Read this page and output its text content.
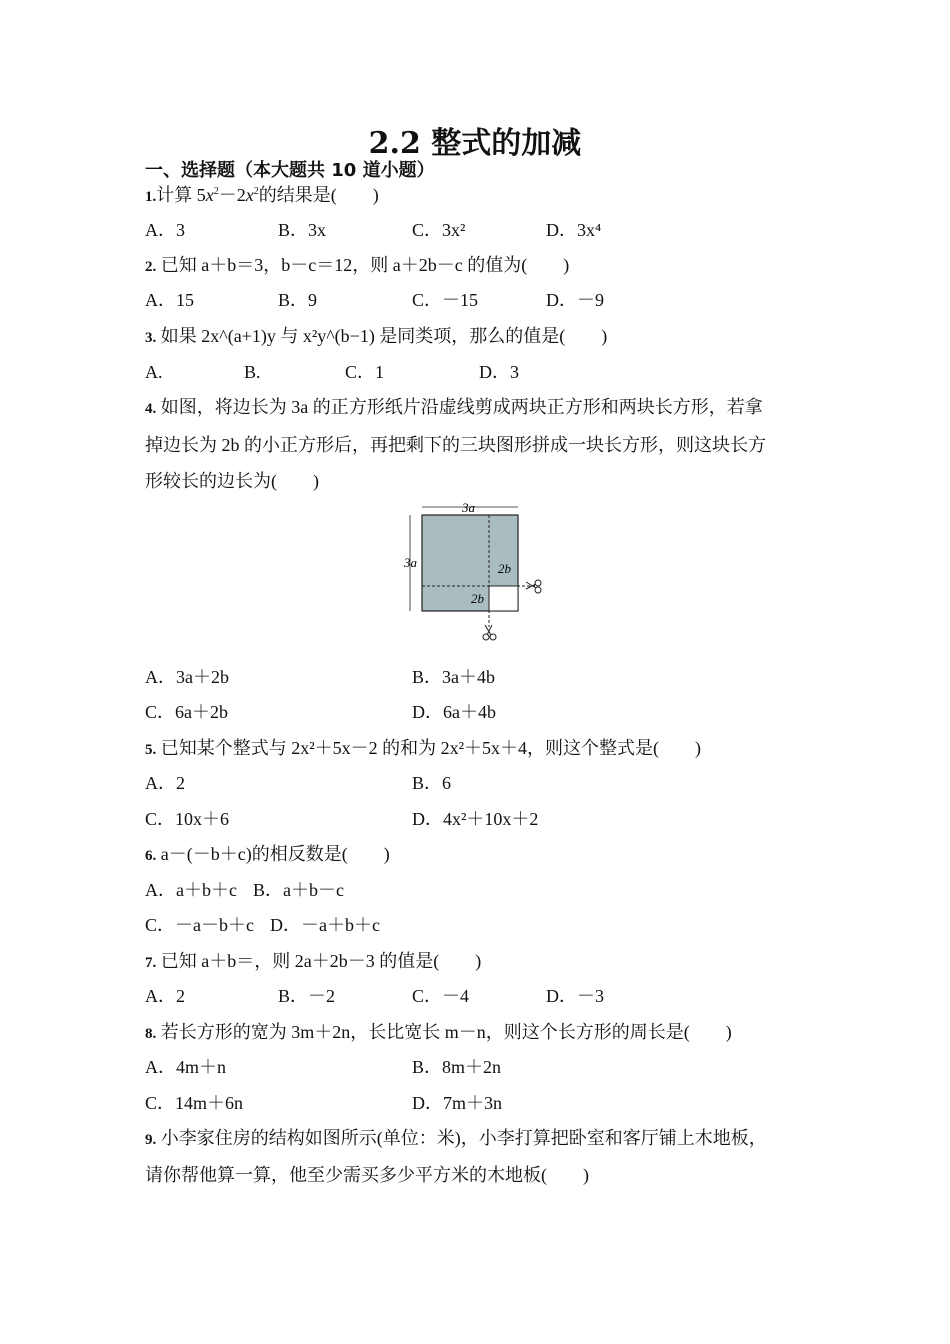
2.2 整式的加减
一、选择题（本大题共 10 道小题）
1.计算 $5x^2-2x^2$的结果是(　　)
A．3	B．3x	C．3x²	D．3x⁴
2. 已知 a＋b＝3，b－c＝12，则 a＋2b－c 的值为(　　)
A．15	B．9	C．－15	D．－9
3. 如果 2x^(a+1)y 与 x²y^(b−1) 是同类项，那么的值是(　　)
A.	B.	C．1	D．3
4. 如图，将边长为 3a 的正方形纸片沿虚线剪成两块正方形和两块长方形，若拿
掉边长为 2b 的小正方形后，再把剩下的三块图形拼成一块长方形，则这块长方
形较长的边长为(　　)
3a
3a	2b
2b
A．3a＋2b	B．3a＋4b
C．6a＋2b	D．6a＋4b
5. 已知某个整式与 2x²＋5x－2 的和为 2x²＋5x＋4，则这个整式是(　　)
A．2	B．6
C．10x＋6	D．4x²＋10x＋2
6. a－(－b＋c)的相反数是(　　)
A．a＋b＋c B．a＋b－c
C．－a－b＋c D．－a＋b＋c
7. 已知 a＋b＝，则 2a＋2b－3 的值是(　　)
A．2	B．－2	C．－4	D．－3
8. 若长方形的宽为 3m＋2n，长比宽长 m－n，则这个长方形的周长是(　　)
A．4m＋n	B．8m＋2n
C．14m＋6n	D．7m＋3n
9. 小李家住房的结构如图所示(单位：米)，小李打算把卧室和客厅铺上木地板，
请你帮他算一算，他至少需买多少平方米的木地板(　　)
